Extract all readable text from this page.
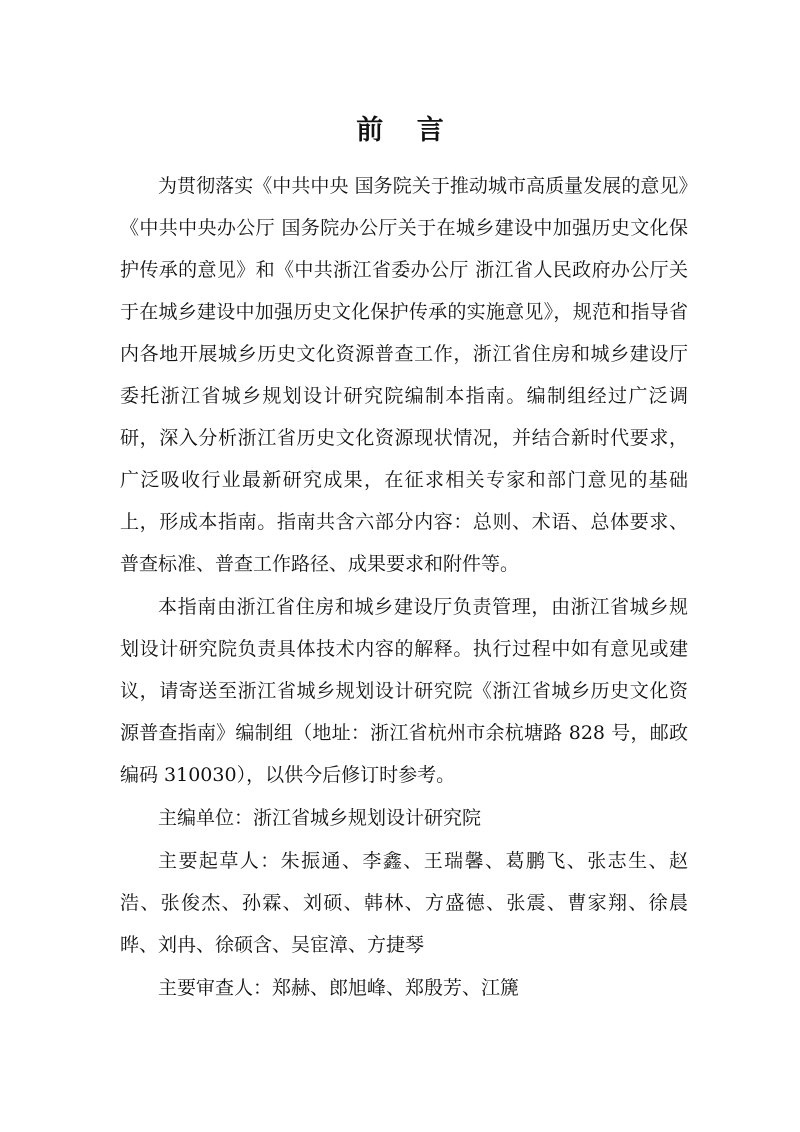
前 言

为贯彻落实《中共中央 国务院关于推动城市高质量发展的意见》《中共中央办公厅 国务院办公厅关于在城乡建设中加强历史文化保护传承的意见》和《中共浙江省委办公厅 浙江省人民政府办公厅关于在城乡建设中加强历史文化保护传承的实施意见》，规范和指导省内各地开展城乡历史文化资源普查工作，浙江省住房和城乡建设厅委托浙江省城乡规划设计研究院编制本指南。编制组经过广泛调研，深入分析浙江省历史文化资源现状情况，并结合新时代要求，广泛吸收行业最新研究成果，在征求相关专家和部门意见的基础上，形成本指南。指南共含六部分内容：总则、术语、总体要求、普查标准、普查工作路径、成果要求和附件等。

本指南由浙江省住房和城乡建设厅负责管理，由浙江省城乡规划设计研究院负责具体技术内容的解释。执行过程中如有意见或建议，请寄送至浙江省城乡规划设计研究院《浙江省城乡历史文化资源普查指南》编制组（地址：浙江省杭州市余杭塘路 828 号，邮政编码 310030），以供今后修订时参考。

主编单位：浙江省城乡规划设计研究院

主要起草人：朱振通、李鑫、王瑞馨、葛鹏飞、张志生、赵浩、张俊杰、孙霖、刘硕、韩林、方盛德、张震、曹家翔、徐晨晔、刘冉、徐硕含、吴宦漳、方捷琴

主要审查人：郑赫、郎旭峰、郑殷芳、江篪
